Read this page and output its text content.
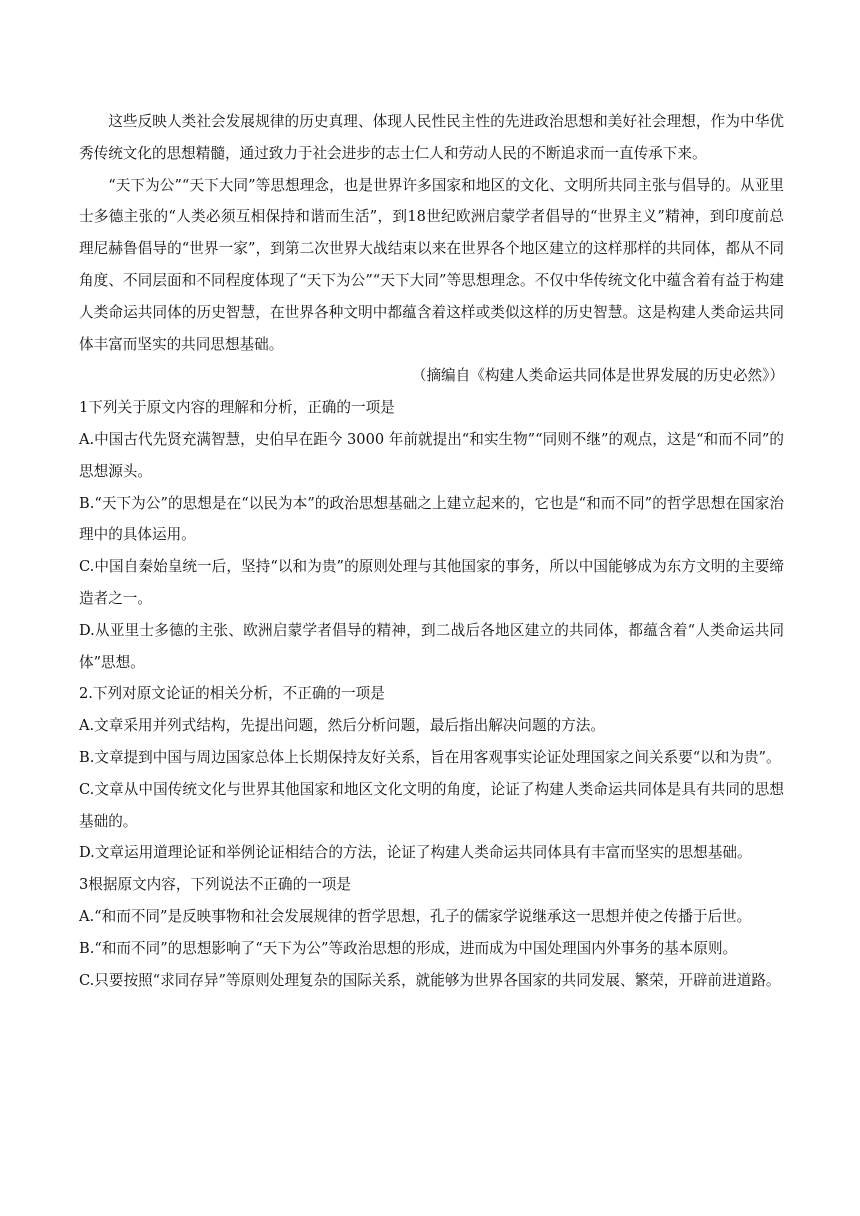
这些反映人类社会发展规律的历史真理、体现人民性民主性的先进政治思想和美好社会理想，作为中华优秀传统文化的思想精髓，通过致力于社会进步的志士仁人和劳动人民的不断追求而一直传承下来。

“天下为公”“天下大同”等思想理念，也是世界许多国家和地区的文化、文明所共同主张与倡导的。从亚里士多德主张的“人类必须互相保持和谐而生活”，到18世纪欧洲启蒙学者倡导的“世界主义”精神，到印度前总理尼赫鲁倡导的“世界一家”，到第二次世界大战结束以来在世界各个地区建立的这样那样的共同体，都从不同角度、不同层面和不同程度体现了“天下为公”“天下大同”等思想理念。不仅中华传统文化中蕴含着有益于构建人类命运共同体的历史智慧，在世界各种文明中都蕴含着这样或类似这样的历史智慧。这是构建人类命运共同体丰富而坚实的共同思想基础。

（摘编自《构建人类命运共同体是世界发展的历史必然》）

1下列关于原文内容的理解和分析，正确的一项是

A.中国古代先贤充满智慧，史伯早在距今 3000 年前就提出“和实生物”“同则不继”的观点，这是“和而不同”的思想源头。

B.“天下为公”的思想是在“以民为本”的政治思想基础之上建立起来的，它也是“和而不同”的哲学思想在国家治理中的具体运用。

C.中国自秦始皇统一后，坚持“以和为贵”的原则处理与其他国家的事务，所以中国能够成为东方文明的主要缔造者之一。

D.从亚里士多德的主张、欧洲启蒙学者倡导的精神，到二战后各地区建立的共同体，都蕴含着“人类命运共同体”思想。

2.下列对原文论证的相关分析，不正确的一项是

A.文章采用并列式结构，先提出问题，然后分析问题，最后指出解决问题的方法。

B.文章提到中国与周边国家总体上长期保持友好关系，旨在用客观事实论证处理国家之间关系要“以和为贵”。

C.文章从中国传统文化与世界其他国家和地区文化文明的角度，论证了构建人类命运共同体是具有共同的思想基础的。

D.文章运用道理论证和举例论证相结合的方法，论证了构建人类命运共同体具有丰富而坚实的思想基础。

3根据原文内容，下列说法不正确的一项是

A.“和而不同”是反映事物和社会发展规律的哲学思想，孔子的儒家学说继承这一思想并使之传播于后世。

B.“和而不同”的思想影响了“天下为公”等政治思想的形成，进而成为中国处理国内外事务的基本原则。

C.只要按照“求同存异”等原则处理复杂的国际关系，就能够为世界各国家的共同发展、繁荣，开辟前进道路。
